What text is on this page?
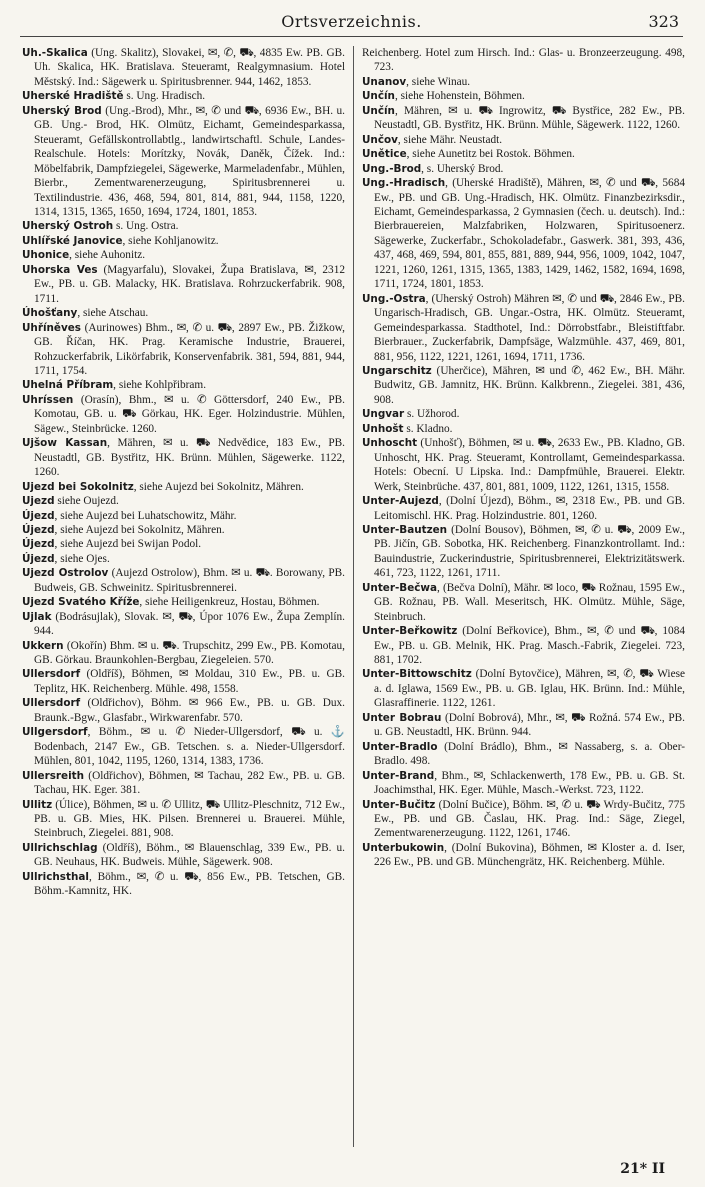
Ortsverzeichnis.	323

Uh.-Skalica (Ung. Skalitz), Slovakei, ✉, ✆, ⛟, 4835 Ew. PB. GB. Uh. Skalica, HK. Bratislava. Steueramt, Realgymnasium. Hotel Městský. Ind.: Sägewerk u. Spiritusbrenner. 944, 1462, 1853.

Uherské Hradiště s. Ung. Hradisch.

Uherský Brod (Ung.-Brod), Mhr., ✉, ✆ und ⛟, 6936 Ew., BH. u. GB. Ung.- Brod, HK. Olmütz, Eichamt, Gemeindesparkassa, Steueramt, Gefällskontrollabtlg., landwirtschaftl. Schule, Landes-Realschule. Hotels: Morítzky, Novák, Daněk, Čížek. Ind.: Möbelfabrik, Dampfziegelei, Sägewerke, Marmeladenfabr., Mühlen, Bierbr., Zementwarenerzeugung, Spiritusbrennerei u. Textilindustrie. 436, 468, 594, 801, 814, 881, 944, 1158, 1220, 1314, 1315, 1365, 1650, 1694, 1724, 1801, 1853.

Uherský Ostroh s. Ung. Ostra.

Uhlířské Janovice, siehe Kohljanowitz.

Uhonice, siehe Auhonitz.

Uhorska Ves (Magyarfalu), Slovakei, Župa Bratislava, ✉, 2312 Ew., PB. u. GB. Malacky, HK. Bratislava. Rohrzuckerfabrik. 908, 1711.

Úhošťany, siehe Atschau.

Uhříněves (Aurinowes) Bhm., ✉, ✆ u. ⛟, 2897 Ew., PB. Žižkow, GB. Říčan, HK. Prag. Keramische Industrie, Brauerei, Rohzuckerfabrik, Likörfabrik, Konservenfabrik. 381, 594, 881, 944, 1711, 1754.

Uhelná Příbram, siehe Kohlpřibram.

Uhríssen (Orasín), Bhm., ✉ u. ✆ Göttersdorf, 240 Ew., PB. Komotau, GB. u. ⛟ Görkau, HK. Eger. Holzindustrie. Mühlen, Sägew., Steinbrücke. 1260.

Ujšow Kassan, Mähren, ✉ u. ⛟ Nedvědice, 183 Ew., PB. Neustadtl, GB. Bystřitz, HK. Brünn. Mühlen, Sägewerke. 1122, 1260.

Ujezd bei Sokolnitz, siehe Aujezd bei Sokolnitz, Mähren.

Ujezd siehe Oujezd.

Újezd, siehe Aujezd bei Luhatschowitz, Mähr.

Újezd, siehe Aujezd bei Sokolnitz, Mähren.

Újezd, siehe Aujezd bei Swijan Podol.

Újezd, siehe Ojes.

Ujezd Ostrolov (Aujezd Ostrolow), Bhm. ✉ u. ⛟. Borowany, PB. Budweis, GB. Schweinitz. Spiritusbrennerei.

Ujezd Svatého Kříže, siehe Heiligenkreuz, Hostau, Böhmen.

Ujlak (Bodrásujlak), Slovak. ✉, ⛟, Úpor 1076 Ew., Župa Zemplín. 944.

Ukkern (Okořín) Bhm. ✉ u. ⛟. Trupschitz, 299 Ew., PB. Komotau, GB. Görkau. Braunkohlen-Bergbau, Ziegeleien. 570.

Ullersdorf (Oldříš), Böhmen, ✉ Moldau, 310 Ew., PB. u. GB. Teplitz, HK. Reichenberg. Mühle. 498, 1558.

Ullersdorf (Oldřichov), Böhm. ✉ 966 Ew., PB. u. GB. Dux. Braunk.-Bgw., Glasfabr., Wirkwarenfabr. 570.

Ullgersdorf, Böhm., ✉ u. ✆ Nieder-Ullgersdorf, ⛟ u. ⚓ Bodenbach, 2147 Ew., GB. Tetschen. s. a. Nieder-Ullgersdorf. Mühlen, 801, 1042, 1195, 1260, 1314, 1383, 1736.

Ullersreith (Oldřichov), Böhmen, ✉ Tachau, 282 Ew., PB. u. GB. Tachau, HK. Eger. 381.

Ullitz (Úlice), Böhmen, ✉ u. ✆ Ullitz, ⛟ Ullitz-Pleschnitz, 712 Ew., PB. u. GB. Mies, HK. Pilsen. Brennerei u. Brauerei. Mühle, Steinbruch, Ziegelei. 881, 908.

Ullrichschlag (Oldříš), Böhm., ✉ Blauenschlag, 339 Ew., PB. u. GB. Neuhaus, HK. Budweis. Mühle, Sägewerk. 908.

Ullrichsthal, Böhm., ✉, ✆ u. ⛟, 856 Ew., PB. Tetschen, GB. Böhm.-Kamnitz, HK.

Reichenberg. Hotel zum Hirsch. Ind.: Glas- u. Bronzeerzeugung. 498, 723.

Unanov, siehe Winau.

Unčín, siehe Hohenstein, Böhmen.

Unčín, Mähren, ✉ u. ⛟ Ingrowitz, ⛟ Bystřice, 282 Ew., PB. Neustadtl, GB. Bystřitz, HK. Brünn. Mühle, Sägewerk. 1122, 1260.

Unčov, siehe Mähr. Neustadt.

Unětice, siehe Aunetitz bei Rostok. Böhmen.

Ung.-Brod, s. Uherský Brod.

Ung.-Hradisch, (Uherské Hradiště), Mähren, ✉, ✆ und ⛟, 5684 Ew., PB. und GB. Ung.-Hradisch, HK. Olmütz. Finanzbezirksdir., Eichamt, Gemeindesparkassa, 2 Gymnasien (čech. u. deutsch). Ind.: Bierbrauereien, Malzfabriken, Holzwaren, Spiritusoenerz. Sägewerke, Zuckerfabr., Schokoladefabr., Gaswerk. 381, 393, 436, 437, 468, 469, 594, 801, 855, 881, 889, 944, 956, 1009, 1042, 1047, 1221, 1260, 1261, 1315, 1365, 1383, 1429, 1462, 1582, 1694, 1698, 1711, 1724, 1801, 1853.

Ung.-Ostra, (Uherský Ostroh) Mähren ✉, ✆ und ⛟, 2846 Ew., PB. Ungarisch-Hradisch, GB. Ungar.-Ostra, HK. Olmütz. Steueramt, Gemeindesparkassa. Stadthotel, Ind.: Dörrobstfabr., Bleistiftfabr. Bierbrauer., Zuckerfabrik, Dampfsäge, Walzmühle. 437, 469, 801, 881, 956, 1122, 1221, 1261, 1694, 1711, 1736.

Ungarschitz (Uherčice), Mähren, ✉ und ✆, 462 Ew., BH. Mähr. Budwitz, GB. Jamnitz, HK. Brünn. Kalkbrenn., Ziegelei. 381, 436, 908.

Ungvar s. Užhorod.

Unhošt s. Kladno.

Unhoscht (Unhošť), Böhmen, ✉ u. ⛟, 2633 Ew., PB. Kladno, GB. Unhoscht, HK. Prag. Steueramt, Kontrollamt, Gemeindesparkassa. Hotels: Obecní. U Lipska. Ind.: Dampfmühle, Brauerei. Elektr. Werk, Steinbrüche. 437, 801, 881, 1009, 1122, 1261, 1315, 1558.

Unter-Aujezd, (Dolní Újezd), Böhm., ✉, 2318 Ew., PB. und GB. Leitomischl. HK. Prag. Holzindustrie. 801, 1260.

Unter-Bautzen (Dolní Bousov), Böhmen, ✉, ✆ u. ⛟, 2009 Ew., PB. Jičín, GB. Sobotka, HK. Reichenberg. Finanzkontrollamt. Ind.: Bauindustrie, Zuckerindustrie, Spiritusbrennerei, Elektrizitätswerk. 461, 723, 1122, 1261, 1711.

Unter-Bečwa, (Bečva Dolní), Mähr. ✉ loco, ⛟ Rožnau, 1595 Ew., GB. Rožnau, PB. Wall. Meseritsch, HK. Olmütz. Mühle, Säge, Steinbruch.

Unter-Beřkowitz (Dolní Beřkovice), Bhm., ✉, ✆ und ⛟, 1084 Ew., PB. u. GB. Melnik, HK. Prag. Masch.-Fabrik, Ziegelei. 723, 881, 1702.

Unter-Bittowschitz (Dolní Bytovčice), Mähren, ✉, ✆, ⛟ Wiese a. d. Iglawa, 1569 Ew., PB. u. GB. Iglau, HK. Brünn. Ind.: Mühle, Glasraffinerie. 1122, 1261.

Unter Bobrau (Dolní Bobrová), Mhr., ✉, ⛟ Rožná. 574 Ew., PB. u. GB. Neustadtl, HK. Brünn. 944.

Unter-Bradlo (Dolní Brádlo), Bhm., ✉ Nassaberg, s. a. Ober-Bradlo. 498.

Unter-Brand, Bhm., ✉, Schlackenwerth, 178 Ew., PB. u. GB. St. Joachimsthal, HK. Eger. Mühle, Masch.-Werkst. 723, 1122.

Unter-Bučitz (Dolní Bučice), Böhm. ✉, ✆ u. ⛟ Wrdy-Bučitz, 775 Ew., PB. und GB. Časlau, HK. Prag. Ind.: Säge, Ziegel, Zementwarenerzeugung. 1122, 1261, 1746.

Unterbukowin, (Dolní Bukovina), Böhmen, ✉ Kloster a. d. Iser, 226 Ew., PB. und GB. Münchengrätz, HK. Reichenberg. Mühle.

21* II
